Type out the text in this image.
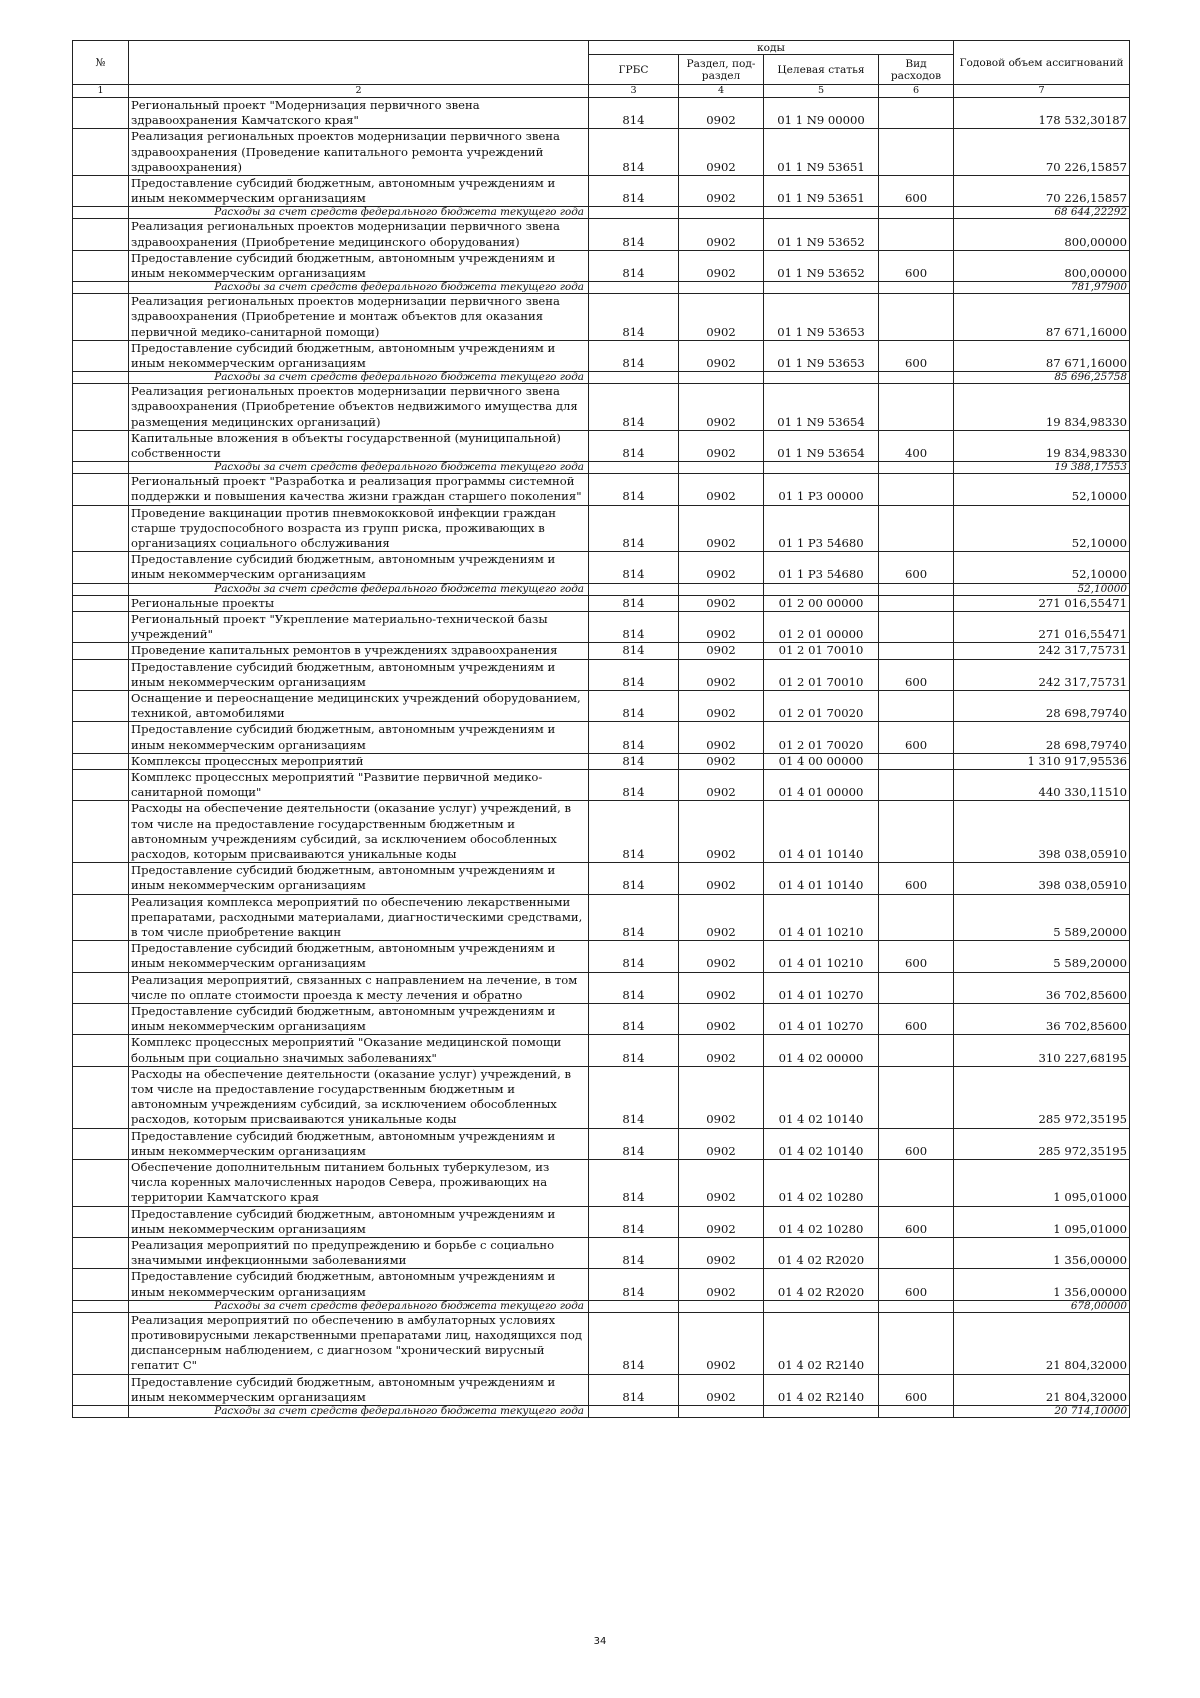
№		коды				Годовой объем ассигнований
		ГРБС	Раздел, под- раздел	Целевая статья	Вид расходов	
1	2	3	4	5	6	7
	Региональный проект "Модернизация первичного звена здравоохранения Камчатского края"	814	0902	01 1 N9 00000		178 532,30187
	Реализация региональных проектов модернизации первичного звена здравоохранения (Проведение капитального ремонта учреждений здравоохранения)	814	0902	01 1 N9 53651		70 226,15857
	Предоставление субсидий бюджетным, автономным учреждениям и иным некоммерческим организациям	814	0902	01 1 N9 53651	600	70 226,15857
	Расходы за счет средств федерального бюджета текущего года					68 644,22292
	Реализация региональных проектов модернизации первичного звена здравоохранения (Приобретение медицинского оборудования)	814	0902	01 1 N9 53652		800,00000
	Предоставление субсидий бюджетным, автономным учреждениям и иным некоммерческим организациям	814	0902	01 1 N9 53652	600	800,00000
	Расходы за счет средств федерального бюджета текущего года					781,97900
	Реализация региональных проектов модернизации первичного звена здравоохранения (Приобретение и монтаж объектов для оказания первичной медико-санитарной помощи)	814	0902	01 1 N9 53653		87 671,16000
	Предоставление субсидий бюджетным, автономным учреждениям и иным некоммерческим организациям	814	0902	01 1 N9 53653	600	87 671,16000
	Расходы за счет средств федерального бюджета текущего года					85 696,25758
	Реализация региональных проектов модернизации первичного звена здравоохранения (Приобретение объектов недвижимого имущества для размещения медицинских организаций)	814	0902	01 1 N9 53654		19 834,98330
	Капитальные вложения в объекты государственной (муниципальной) собственности	814	0902	01 1 N9 53654	400	19 834,98330
	Расходы за счет средств федерального бюджета текущего года					19 388,17553
	Региональный проект "Разработка и реализация программы системной поддержки и повышения качества жизни граждан старшего поколения"	814	0902	01 1 P3 00000		52,10000
	Проведение вакцинации против пневмококковой инфекции граждан старше трудоспособного возраста из групп риска, проживающих в организациях социального обслуживания	814	0902	01 1 P3 54680		52,10000
	Предоставление субсидий бюджетным, автономным учреждениям и иным некоммерческим организациям	814	0902	01 1 P3 54680	600	52,10000
	Расходы за счет средств федерального бюджета текущего года					52,10000
	Региональные проекты	814	0902	01 2 00 00000		271 016,55471
	Региональный проект "Укрепление материально-технической базы учреждений"	814	0902	01 2 01 00000		271 016,55471
	Проведение капитальных ремонтов в учреждениях здравоохранения	814	0902	01 2 01 70010		242 317,75731
	Предоставление субсидий бюджетным, автономным учреждениям и иным некоммерческим организациям	814	0902	01 2 01 70010	600	242 317,75731
	Оснащение и переоснащение медицинских учреждений оборудованием, техникой, автомобилями	814	0902	01 2 01 70020		28 698,79740
	Предоставление субсидий бюджетным, автономным учреждениям и иным некоммерческим организациям	814	0902	01 2 01 70020	600	28 698,79740
	Комплексы процессных мероприятий	814	0902	01 4 00 00000		1 310 917,95536
	Комплекс процессных мероприятий "Развитие первичной медико-санитарной помощи"	814	0902	01 4 01 00000		440 330,11510
	Расходы на обеспечение деятельности (оказание услуг) учреждений, в том числе на предоставление государственным бюджетным и автономным учреждениям субсидий, за исключением обособленных расходов, которым присваиваются уникальные коды	814	0902	01 4 01 10140		398 038,05910
	Предоставление субсидий бюджетным, автономным учреждениям и иным некоммерческим организациям	814	0902	01 4 01 10140	600	398 038,05910
	Реализация комплекса мероприятий по обеспечению лекарственными препаратами, расходными материалами, диагностическими средствами, в том числе приобретение вакцин	814	0902	01 4 01 10210		5 589,20000
	Предоставление субсидий бюджетным, автономным учреждениям и иным некоммерческим организациям	814	0902	01 4 01 10210	600	5 589,20000
	Реализация мероприятий, связанных с направлением на лечение, в том числе по оплате стоимости проезда к месту лечения и обратно	814	0902	01 4 01 10270		36 702,85600
	Предоставление субсидий бюджетным, автономным учреждениям и иным некоммерческим организациям	814	0902	01 4 01 10270	600	36 702,85600
	Комплекс процессных мероприятий "Оказание медицинской помощи больным при социально значимых заболеваниях"	814	0902	01 4 02 00000		310 227,68195
	Расходы на обеспечение деятельности (оказание услуг) учреждений, в том числе на предоставление государственным бюджетным и автономным учреждениям субсидий, за исключением обособленных расходов, которым присваиваются уникальные коды	814	0902	01 4 02 10140		285 972,35195
	Предоставление субсидий бюджетным, автономным учреждениям и иным некоммерческим организациям	814	0902	01 4 02 10140	600	285 972,35195
	Обеспечение дополнительным питанием больных туберкулезом, из числа коренных малочисленных народов Севера, проживающих на территории Камчатского края	814	0902	01 4 02 10280		1 095,01000
	Предоставление субсидий бюджетным, автономным учреждениям и иным некоммерческим организациям	814	0902	01 4 02 10280	600	1 095,01000
	Реализация мероприятий по предупреждению и борьбе с социально значимыми инфекционными заболеваниями	814	0902	01 4 02 R2020		1 356,00000
	Предоставление субсидий бюджетным, автономным учреждениям и иным некоммерческим организациям	814	0902	01 4 02 R2020	600	1 356,00000
	Расходы за счет средств федерального бюджета текущего года					678,00000
	Реализация мероприятий по обеспечению в амбулаторных условиях противовирусными лекарственными препаратами лиц, находящихся под диспансерным наблюдением, с диагнозом "хронический вирусный гепатит С"	814	0902	01 4 02 R2140		21 804,32000
	Предоставление субсидий бюджетным, автономным учреждениям и иным некоммерческим организациям	814	0902	01 4 02 R2140	600	21 804,32000
	Расходы за счет средств федерального бюджета текущего года					20 714,10000
34
